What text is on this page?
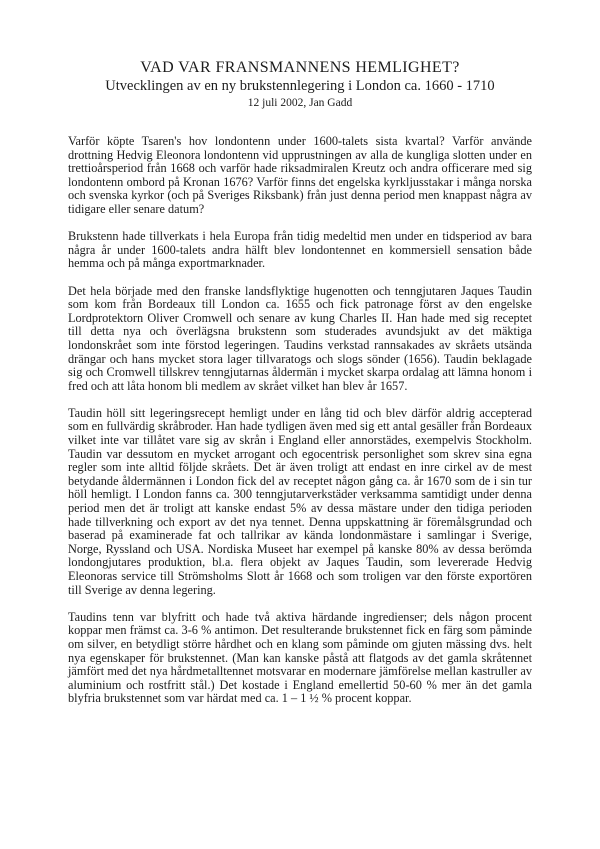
VAD VAR FRANSMANNENS HEMLIGHET?
Utvecklingen av en ny brukstennlegering i London ca. 1660 - 1710
12 juli 2002, Jan Gadd

Varför köpte Tsaren's hov londontenn under 1600-talets sista kvartal? Varför använde drottning Hedvig Eleonora londontenn vid upprustningen av alla de kungliga slotten under en trettioårsperiod från 1668 och varför hade riksadmiralen Kreutz och andra officerare med sig londontenn ombord på Kronan 1676? Varför finns det engelska kyrkljusstakar i många norska och svenska kyrkor (och på Sveriges Riksbank) från just denna period men knappast några av tidigare eller senare datum?

Brukstenn hade tillverkats i hela Europa från tidig medeltid men under en tidsperiod av bara några år under 1600-talets andra hälft blev londontennet en kommersiell sensation både hemma och på många exportmarknader.

Det hela började med den franske landsflyktige hugenotten och tenngjutaren Jaques Taudin som kom från Bordeaux till London ca. 1655 och fick patronage först av den engelske Lordprotektorn Oliver Cromwell och senare av kung Charles II. Han hade med sig receptet till detta nya och överlägsna brukstenn som studerades avundsjukt av det mäktiga londonskrået som inte förstod legeringen. Taudins verkstad rannsakades av skråets utsända drängar och hans mycket stora lager tillvaratogs och slogs sönder (1656). Taudin beklagade sig och Cromwell tillskrev tenngjutarnas åldermän i mycket skarpa ordalag att lämna honom i fred och att låta honom bli medlem av skrået vilket han blev år 1657.

Taudin höll sitt legeringsrecept hemligt under en lång tid och blev därför aldrig accepterad som en fullvärdig skråbroder. Han hade tydligen även med sig ett antal gesäller från Bordeaux vilket inte var tillåtet vare sig av skrån i England eller annorstädes, exempelvis Stockholm. Taudin var dessutom en mycket arrogant och egocentrisk personlighet som skrev sina egna regler som inte alltid följde skråets. Det är även troligt att endast en inre cirkel av de mest betydande åldermännen i London fick del av receptet någon gång ca. år 1670 som de i sin tur höll hemligt. I London fanns ca. 300 tenngjutarverkstäder verksamma samtidigt under denna period men det är troligt att kanske endast 5% av dessa mästare under den tidiga perioden hade tillverkning och export av det nya tennet. Denna uppskattning är föremålsgrundad och baserad på examinerade fat och tallrikar av kända londonmästare i samlingar i Sverige, Norge, Ryssland och USA. Nordiska Museet har exempel på kanske 80% av dessa berömda londongjutares produktion, bl.a. flera objekt av Jaques Taudin, som levererade Hedvig Eleonoras service till Strömsholms Slott år 1668 och som troligen var den förste exportören till Sverige av denna legering.

Taudins tenn var blyfritt och hade två aktiva härdande ingredienser; dels någon procent koppar men främst ca. 3-6 % antimon. Det resulterande brukstennet fick en färg som påminde om silver, en betydligt större hårdhet och en klang som påminde om gjuten mässing dvs. helt nya egenskaper för brukstennet. (Man kan kanske påstå att flatgods av det gamla skråtennet jämfört med det nya hårdmetalltennet motsvarar en modernare jämförelse mellan kastruller av aluminium och rostfritt stål.) Det kostade i England emellertid 50-60 % mer än det gamla blyfria brukstennet som var härdat med ca. 1 – 1 ½ % procent koppar.
